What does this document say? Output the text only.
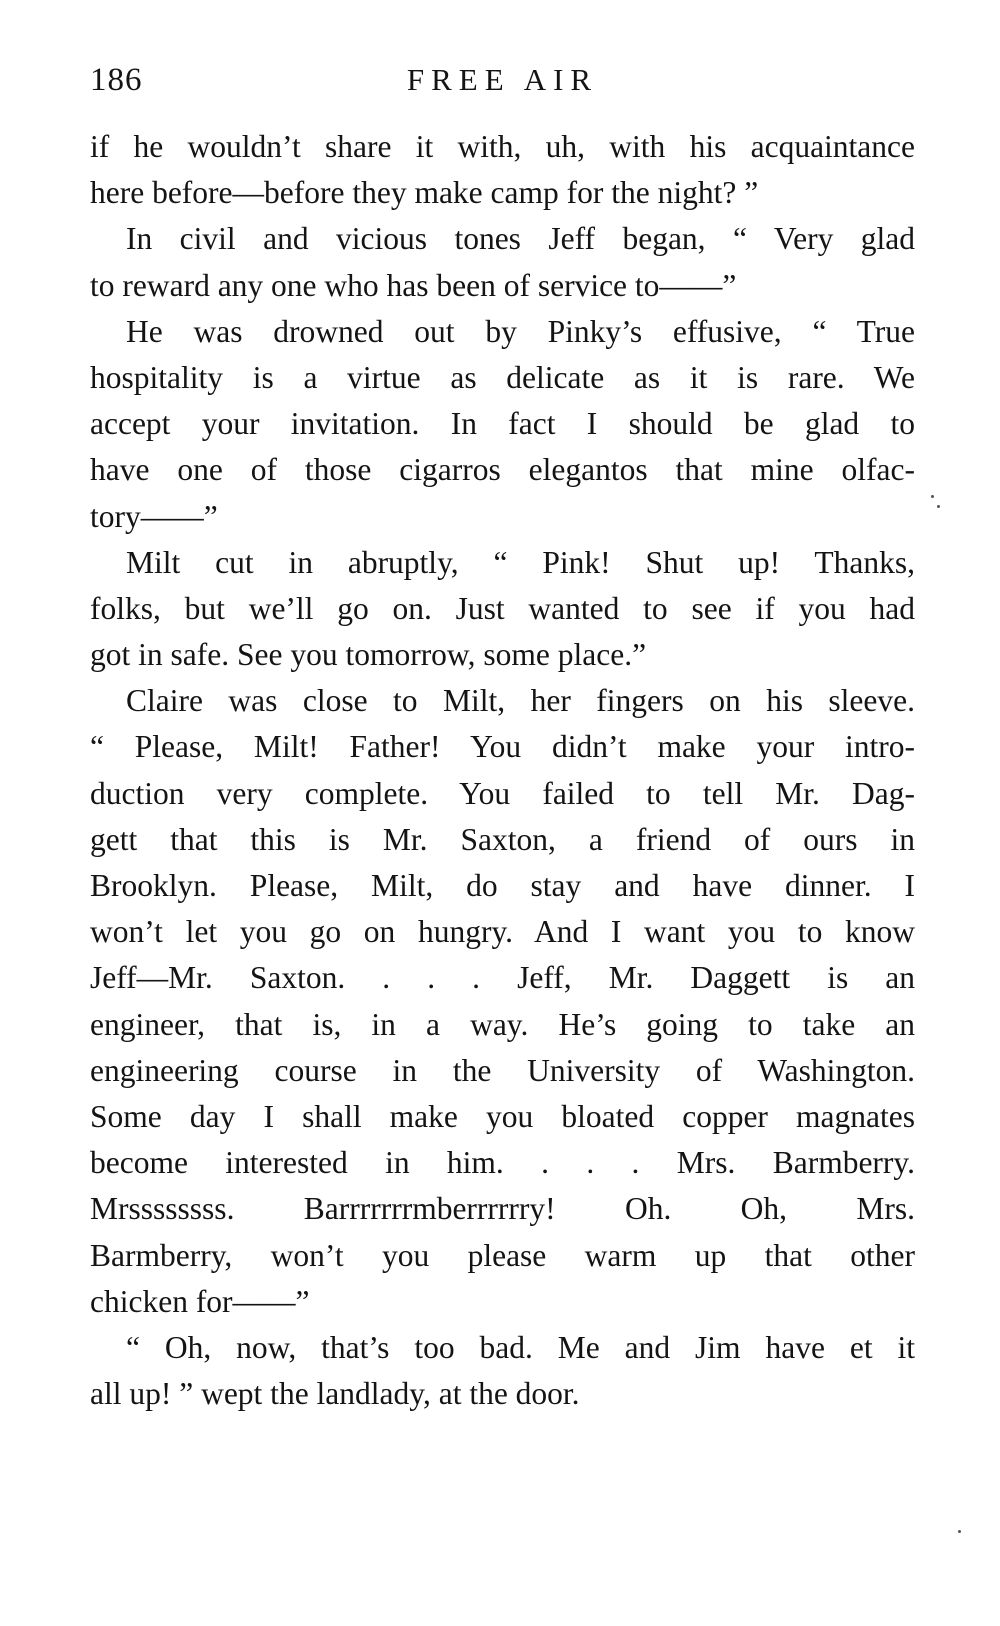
186	FREE AIR
if he wouldn’t share it with, uh, with his acquaintance
here before—before they make camp for the night? ”
In civil and vicious tones Jeff began, “ Very glad
to reward any one who has been of service to——”
He was drowned out by Pinky’s effusive, “ True
hospitality is a virtue as delicate as it is rare. We
accept your invitation. In fact I should be glad to
have one of those cigarros elegantos that mine olfac-
tory——”
Milt cut in abruptly, “ Pink! Shut up! Thanks,
folks, but we’ll go on. Just wanted to see if you had
got in safe. See you tomorrow, some place.”
Claire was close to Milt, her fingers on his sleeve.
“ Please, Milt! Father! You didn’t make your intro-
duction very complete. You failed to tell Mr. Dag-
gett that this is Mr. Saxton, a friend of ours in
Brooklyn. Please, Milt, do stay and have dinner. I
won’t let you go on hungry. And I want you to know
Jeff—Mr. Saxton. . . . Jeff, Mr. Daggett is an
engineer, that is, in a way. He’s going to take an
engineering course in the University of Washington.
Some day I shall make you bloated copper magnates
become interested in him. . . . Mrs. Barmberry.
Mrssssssss. Barrrrrrrmberrrrrry! Oh. Oh, Mrs.
Barmberry, won’t you please warm up that other
chicken for——”
“ Oh, now, that’s too bad. Me and Jim have et it
all up! ” wept the landlady, at the door.
